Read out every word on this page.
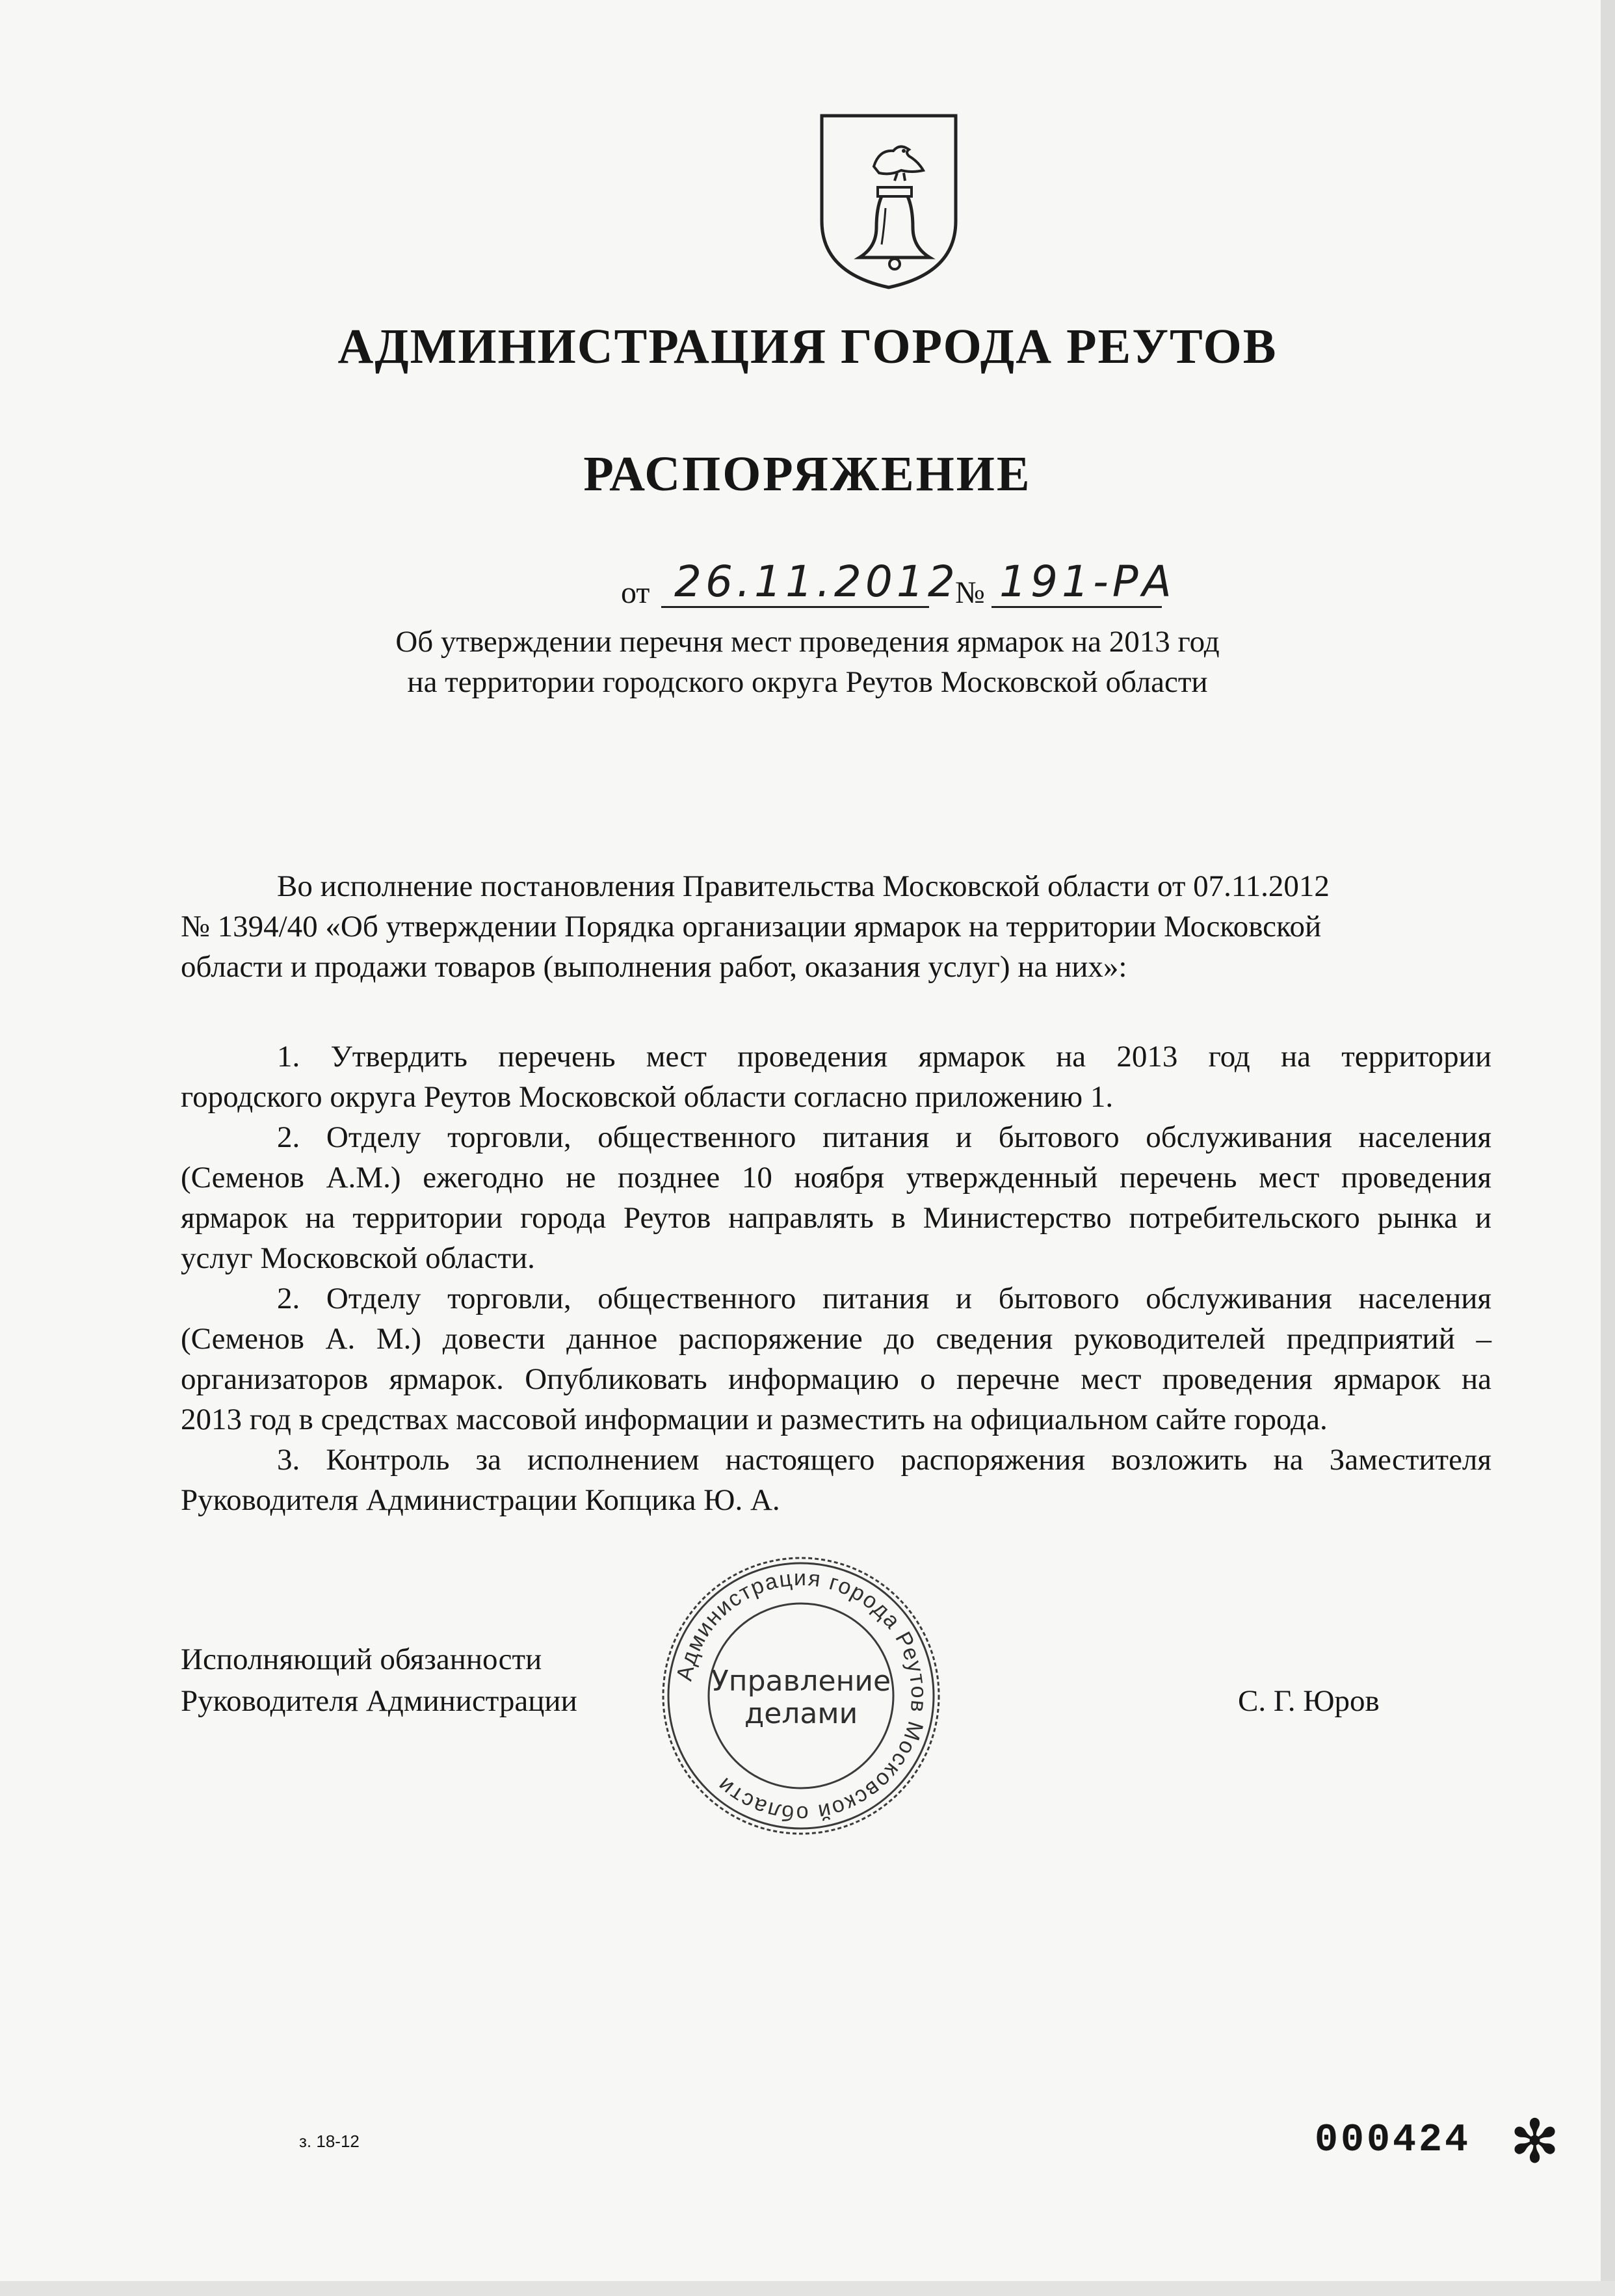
АДМИНИСТРАЦИЯ ГОРОДА РЕУТОВ
РАСПОРЯЖЕНИЕ
от 26.11.2012
№ 191-РА
Об утверждении перечня мест проведения ярмарок на 2013 год
на территории городского округа Реутов Московской области
Во исполнение постановления Правительства Московской области от 07.11.2012
№ 1394/40 «Об утверждении Порядка организации ярмарок на территории Московской
области и продажи товаров (выполнения работ, оказания услуг) на них»:
1. Утвердить перечень мест проведения ярмарок на 2013 год на территории
городского округа Реутов Московской области согласно приложению 1.
2. Отделу торговли, общественного питания и бытового обслуживания населения
(Семенов А.М.) ежегодно не позднее 10 ноября утвержденный перечень мест проведения
ярмарок на территории города Реутов направлять в Министерство потребительского рынка и
услуг Московской области.
2. Отделу торговли, общественного питания и бытового обслуживания населения
(Семенов А. М.) довести данное распоряжение до сведения руководителей предприятий –
организаторов ярмарок. Опубликовать информацию о перечне мест проведения ярмарок на
2013 год в средствах массовой информации и разместить на официальном сайте города.
3. Контроль за исполнением настоящего распоряжения возложить на Заместителя
Руководителя Администрации Копцика Ю. А.
Исполняющий обязанности
Руководителя Администрации	С. Г. Юров
Администрация города Реутов Московской области
Управление
делами
з. 18-12	000424 ✻
